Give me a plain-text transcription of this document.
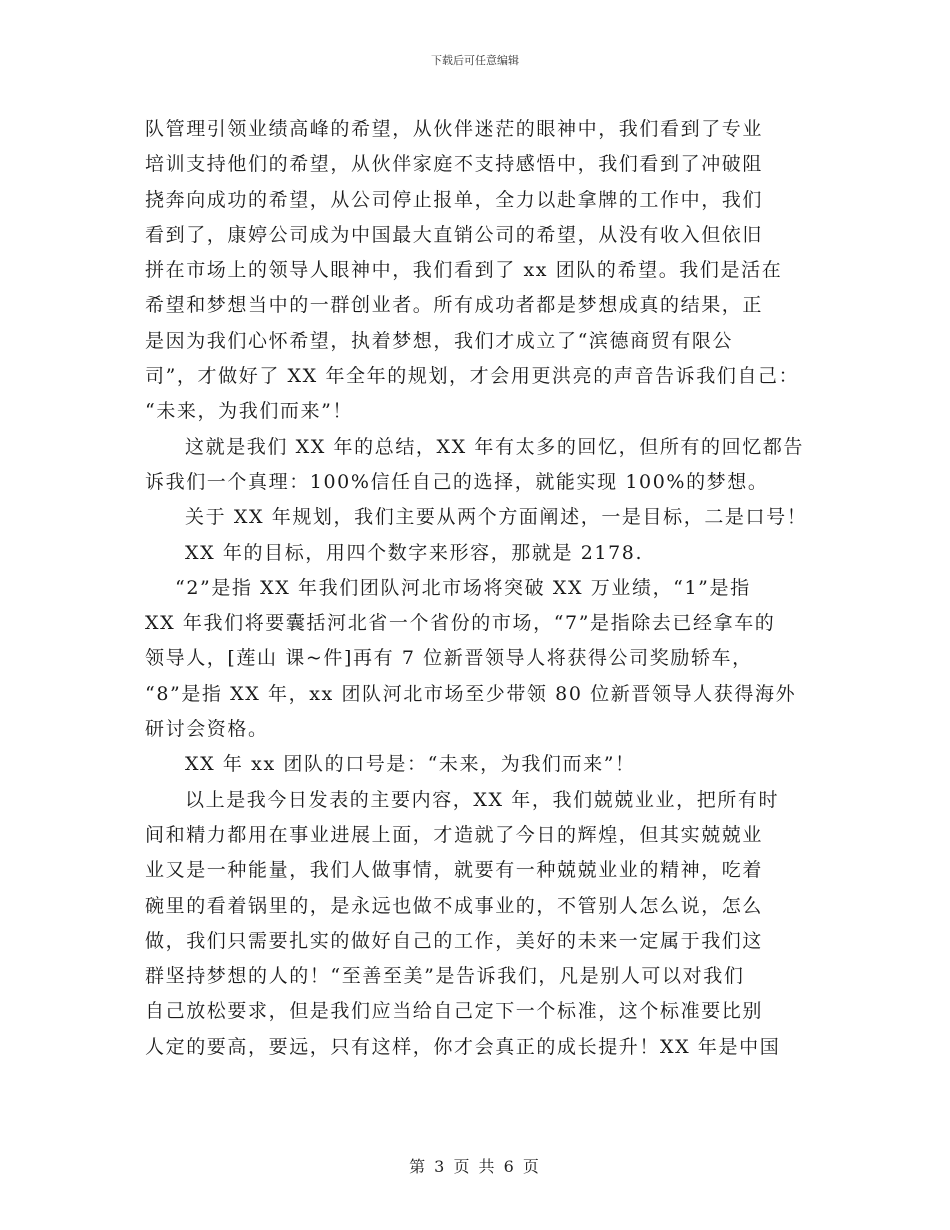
下载后可任意编辑
队管理引领业绩高峰的希望，从伙伴迷茫的眼神中，我们看到了专业
培训支持他们的希望，从伙伴家庭不支持感悟中，我们看到了冲破阻
挠奔向成功的希望，从公司停止报单，全力以赴拿牌的工作中，我们
看到了，康婷公司成为中国最大直销公司的希望，从没有收入但依旧
拼在市场上的领导人眼神中，我们看到了 xx 团队的希望。我们是活在
希望和梦想当中的一群创业者。所有成功者都是梦想成真的结果，正
是因为我们心怀希望，执着梦想，我们才成立了“滨德商贸有限公
司”，才做好了 XX 年全年的规划，才会用更洪亮的声音告诉我们自己：
“未来，为我们而来”！
这就是我们 XX 年的总结，XX 年有太多的回忆，但所有的回忆都告
诉我们一个真理：100%信任自己的选择，就能实现 100%的梦想。
关于 XX 年规划，我们主要从两个方面阐述，一是目标，二是口号！
XX 年的目标，用四个数字来形容，那就是 2178.
“2”是指 XX 年我们团队河北市场将突破 XX 万业绩，“1”是指
XX 年我们将要囊括河北省一个省份的市场，“7”是指除去已经拿车的
领导人，[莲山 课~件]再有 7 位新晋领导人将获得公司奖励轿车，
“8”是指 XX 年，xx 团队河北市场至少带领 80 位新晋领导人获得海外
研讨会资格。
XX 年 xx 团队的口号是：“未来，为我们而来”！
以上是我今日发表的主要内容，XX 年，我们兢兢业业，把所有时
间和精力都用在事业进展上面，才造就了今日的辉煌，但其实兢兢业
业又是一种能量，我们人做事情，就要有一种兢兢业业的精神，吃着
碗里的看着锅里的，是永远也做不成事业的，不管别人怎么说，怎么
做，我们只需要扎实的做好自己的工作，美好的未来一定属于我们这
群坚持梦想的人的！“至善至美”是告诉我们，凡是别人可以对我们
自己放松要求，但是我们应当给自己定下一个标准，这个标准要比别
人定的要高，要远，只有这样，你才会真正的成长提升！XX 年是中国
第 3 页 共 6 页
